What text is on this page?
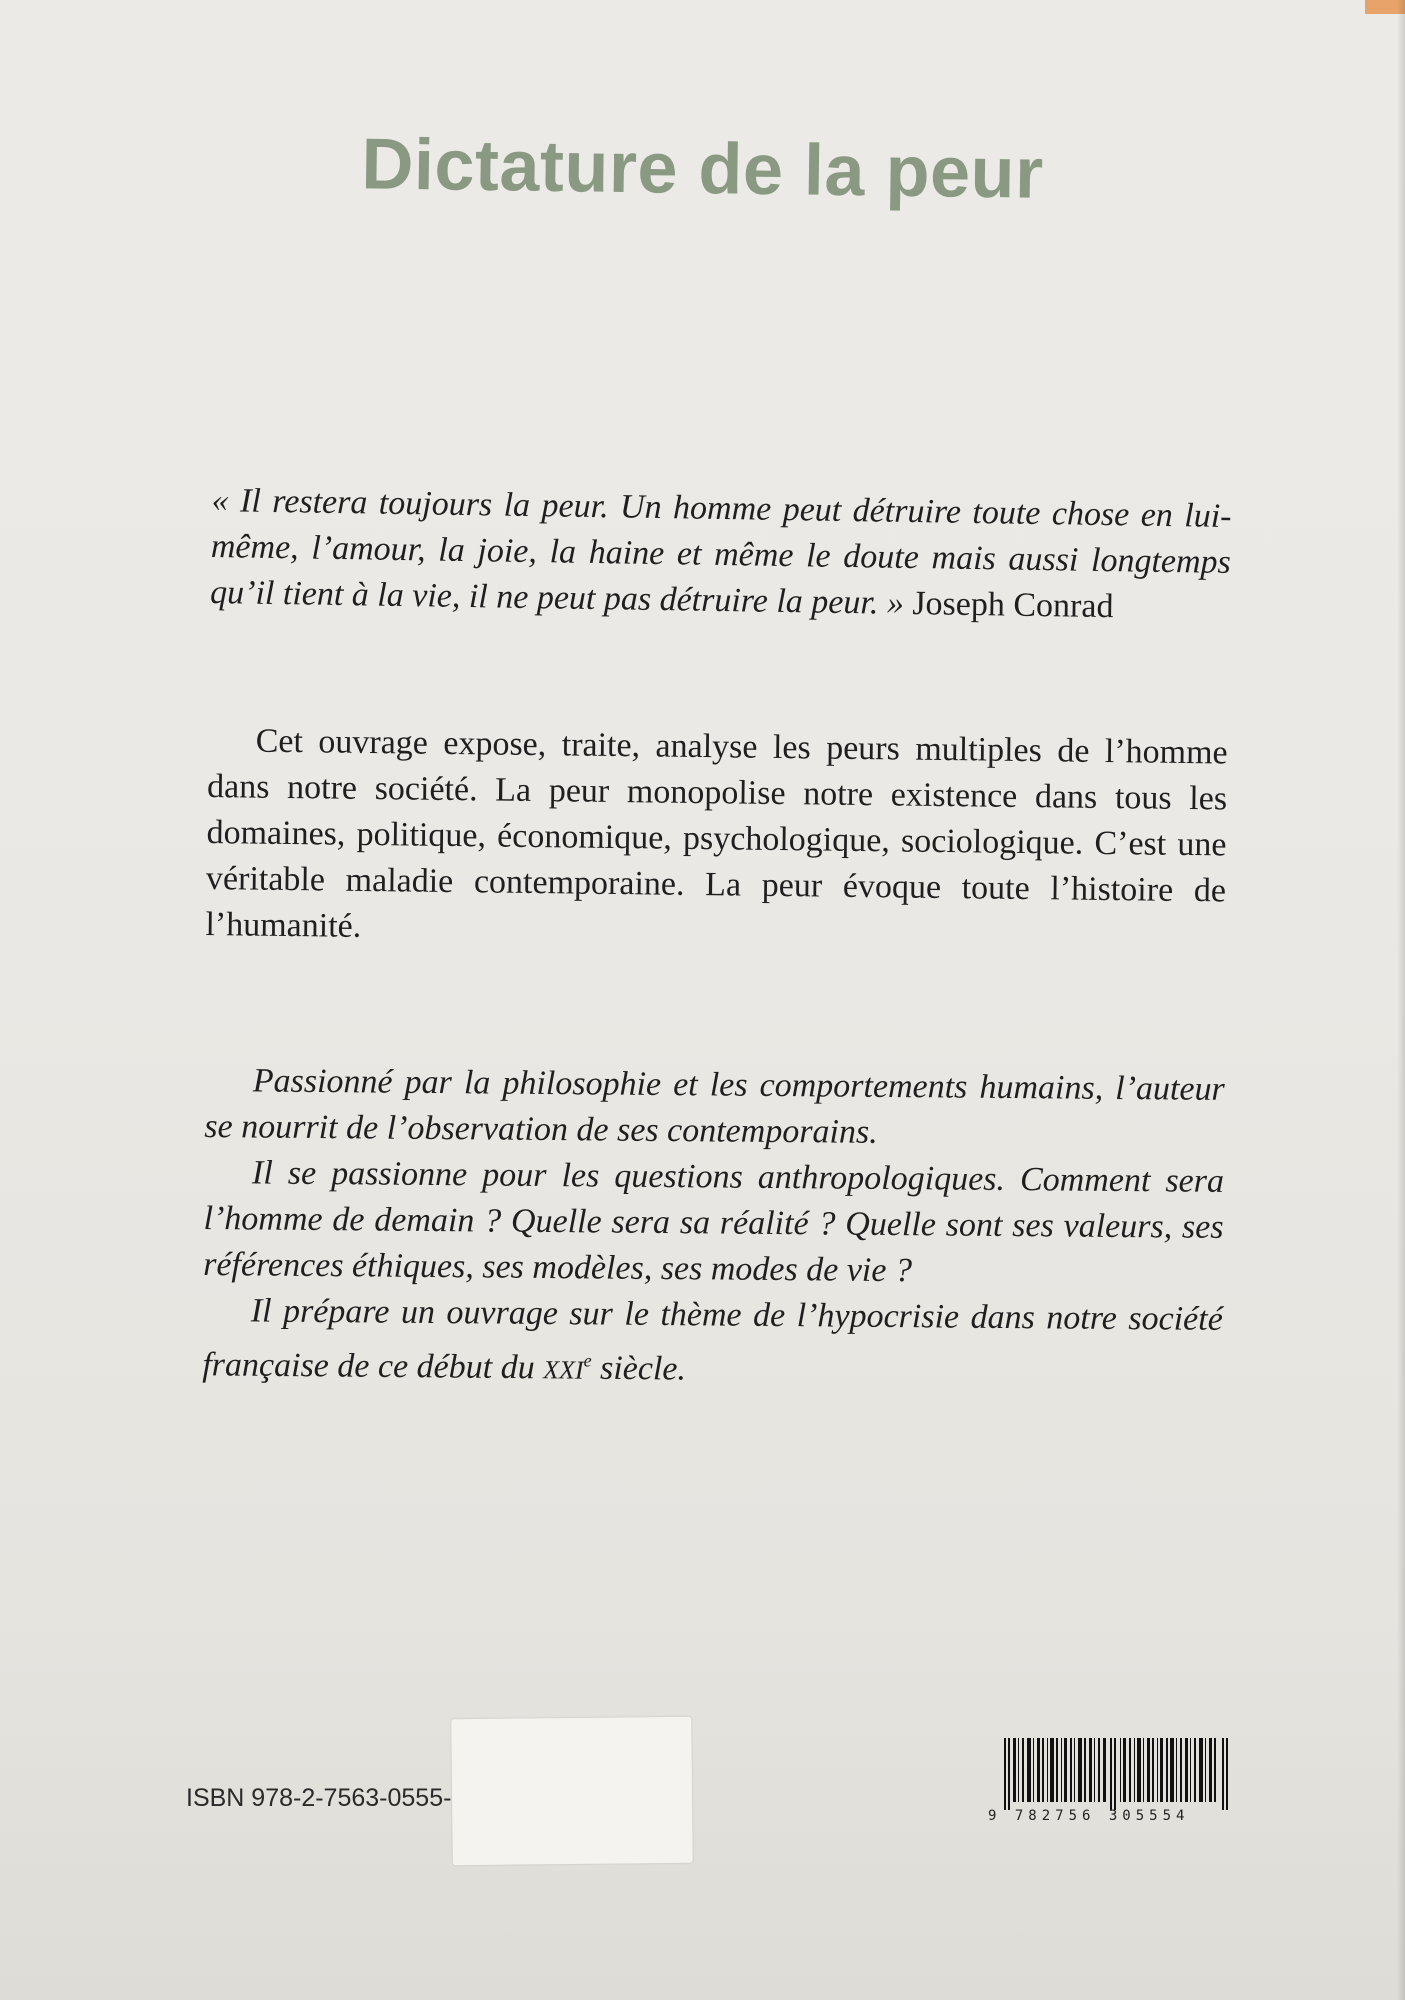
Dictature de la peur
« Il restera toujours la peur. Un homme peut détruire toute chose en lui-même, l’amour, la joie, la haine et même le doute mais aussi longtemps qu’il tient à la vie, il ne peut pas détruire la peur. » Joseph Conrad

Cet ouvrage expose, traite, analyse les peurs multiples de l’homme dans notre société. La peur monopolise notre existence dans tous les domaines, politique, économique, psychologique, sociologique. C’est une véritable maladie contemporaine. La peur évoque toute l’histoire de l’humanité.

Passionné par la philosophie et les comportements humains, l’auteur se nourrit de l’observation de ses contemporains.

Il se passionne pour les questions anthropologiques. Comment sera l’homme de demain ? Quelle sera sa réalité ? Quelle sont ses valeurs, ses références éthiques, ses modèles, ses modes de vie ?

Il prépare un ouvrage sur le thème de l’hypocrisie dans notre société française de ce début du XXIe siècle.

ISBN 978-2-7563-0555-
9 782756 305554
